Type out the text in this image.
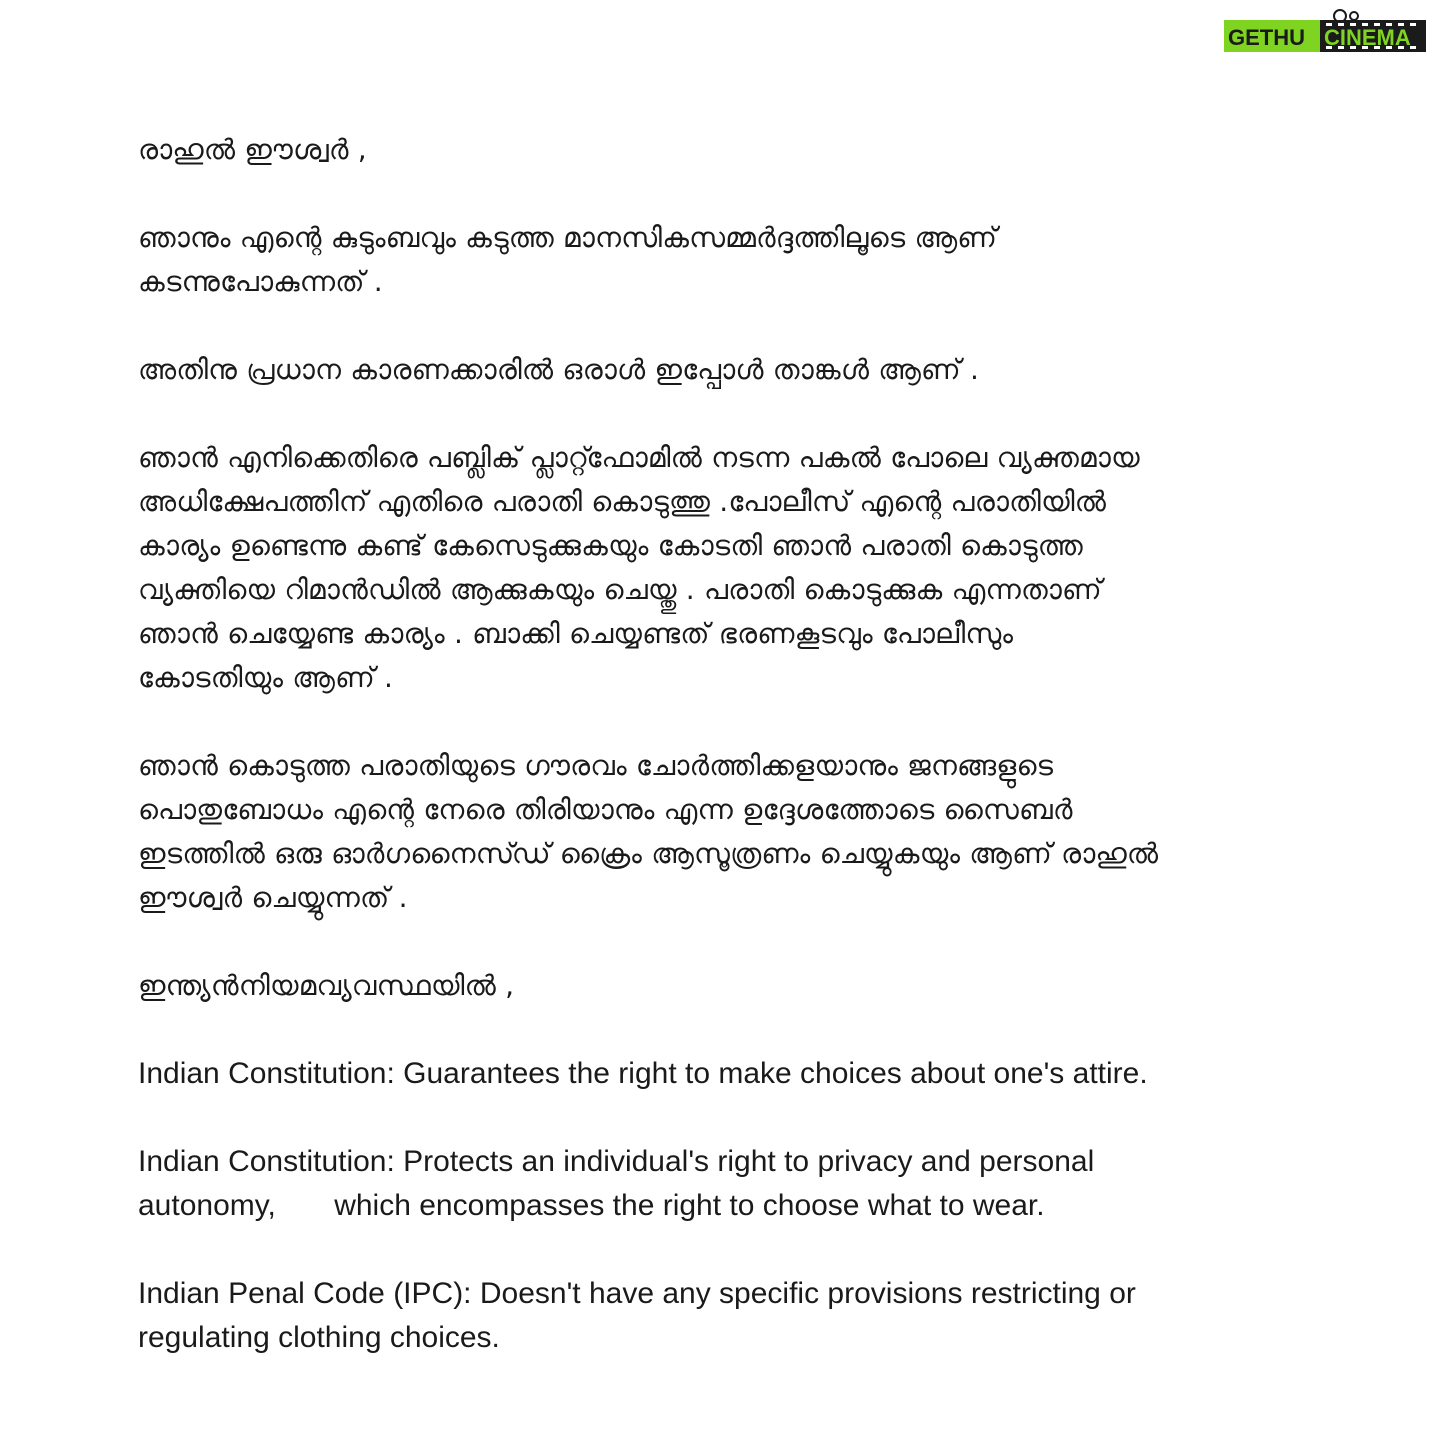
GETHU CINEMA

രാഹുൽ ഈശ്വർ ,

ഞാനും എന്റെ കുടുംബവും കടുത്ത മാനസികസമ്മർദ്ദത്തിലൂടെ ആണ്
കടന്നുപോകുന്നത് .

അതിനു പ്രധാന കാരണക്കാരിൽ ഒരാൾ ഇപ്പോൾ താങ്കൾ ആണ് .

ഞാൻ എനിക്കെതിരെ പബ്ലിക് പ്ലാറ്റ്ഫോമിൽ നടന്ന പകൽ പോലെ വ്യക്തമായ
അധിക്ഷേപത്തിന് എതിരെ പരാതി കൊടുത്തു .പോലീസ് എന്റെ പരാതിയിൽ
കാര്യം ഉണ്ടെന്നു കണ്ട് കേസെടുക്കുകയും കോടതി ഞാൻ പരാതി കൊടുത്ത
വ്യക്തിയെ റിമാൻഡിൽ ആക്കുകയും ചെയ്തു . പരാതി കൊടുക്കുക എന്നതാണ്
ഞാൻ ചെയ്യേണ്ട കാര്യം . ബാക്കി ചെയ്യണ്ടത് ഭരണകൂടവും പോലീസും
കോടതിയും ആണ് .

ഞാൻ കൊടുത്ത പരാതിയുടെ ഗൗരവം ചോർത്തിക്കളയാനും ജനങ്ങളുടെ
പൊതുബോധം എന്റെ നേരെ തിരിയാനും എന്ന ഉദ്ദേശത്തോടെ സൈബർ
ഇടത്തിൽ ഒരു ഓർഗനൈസ്ഡ് ക്രൈം ആസൂത്രണം ചെയ്യുകയും ആണ് രാഹുൽ
ഈശ്വർ ചെയ്യുന്നത് .

ഇന്ത്യൻനിയമവ്യവസ്ഥയിൽ ,

Indian Constitution: Guarantees the right to make choices about one's attire.

Indian Constitution: Protects an individual's right to privacy and personal
autonomy,       which encompasses the right to choose what to wear.

Indian Penal Code (IPC): Doesn't have any specific provisions restricting or
regulating clothing choices.
